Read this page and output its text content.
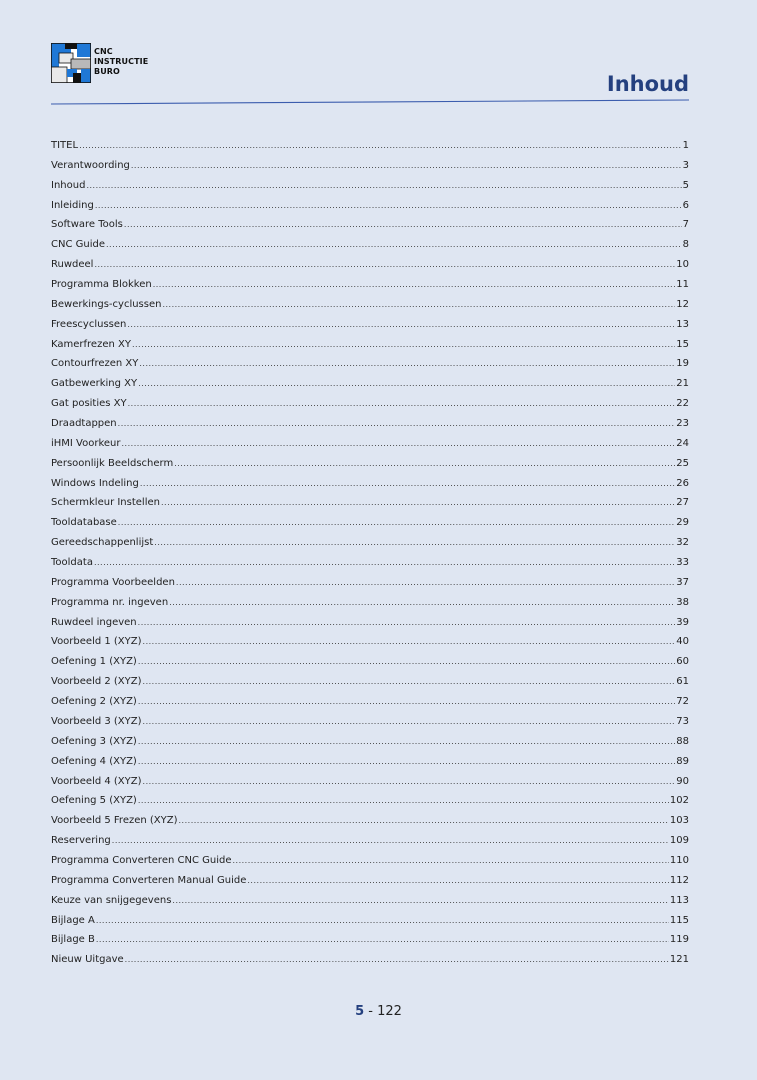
CNC
INSTRUCTIE
BURO
Inhoud
TITEL .....	1
Verantwoording .....	3
Inhoud .....	5
Inleiding .....	6
Software Tools .....	7
CNC Guide .....	8
Ruwdeel .....	10
Programma Blokken .....	11
Bewerkings-cyclussen .....	12
Freescyclussen .....	13
Kamerfrezen XY .....	15
Contourfrezen XY .....	19
Gatbewerking XY .....	21
Gat posities XY .....	22
Draadtappen .....	23
iHMI Voorkeur .....	24
Persoonlijk Beeldscherm .....	25
Windows Indeling .....	26
Schermkleur Instellen .....	27
Tooldatabase .....	29
Gereedschappenlijst .....	32
Tooldata .....	33
Programma Voorbeelden .....	37
Programma nr. ingeven .....	38
Ruwdeel ingeven .....	39
Voorbeeld 1 (XYZ) .....	40
Oefening 1 (XYZ) .....	60
Voorbeeld 2 (XYZ) .....	61
Oefening 2 (XYZ) .....	72
Voorbeeld 3 (XYZ) .....	73
Oefening 3 (XYZ) .....	88
Oefening 4 (XYZ) .....	89
Voorbeeld 4 (XYZ) .....	90
Oefening 5 (XYZ) .....	102
Voorbeeld 5 Frezen (XYZ) .....	103
Reservering .....	109
Programma Converteren CNC Guide .....	110
Programma Converteren Manual Guide .....	112
Keuze van snijgegevens .....	113
Bijlage A .....	115
Bijlage B .....	119
Nieuw Uitgave .....	121
5 - 122
